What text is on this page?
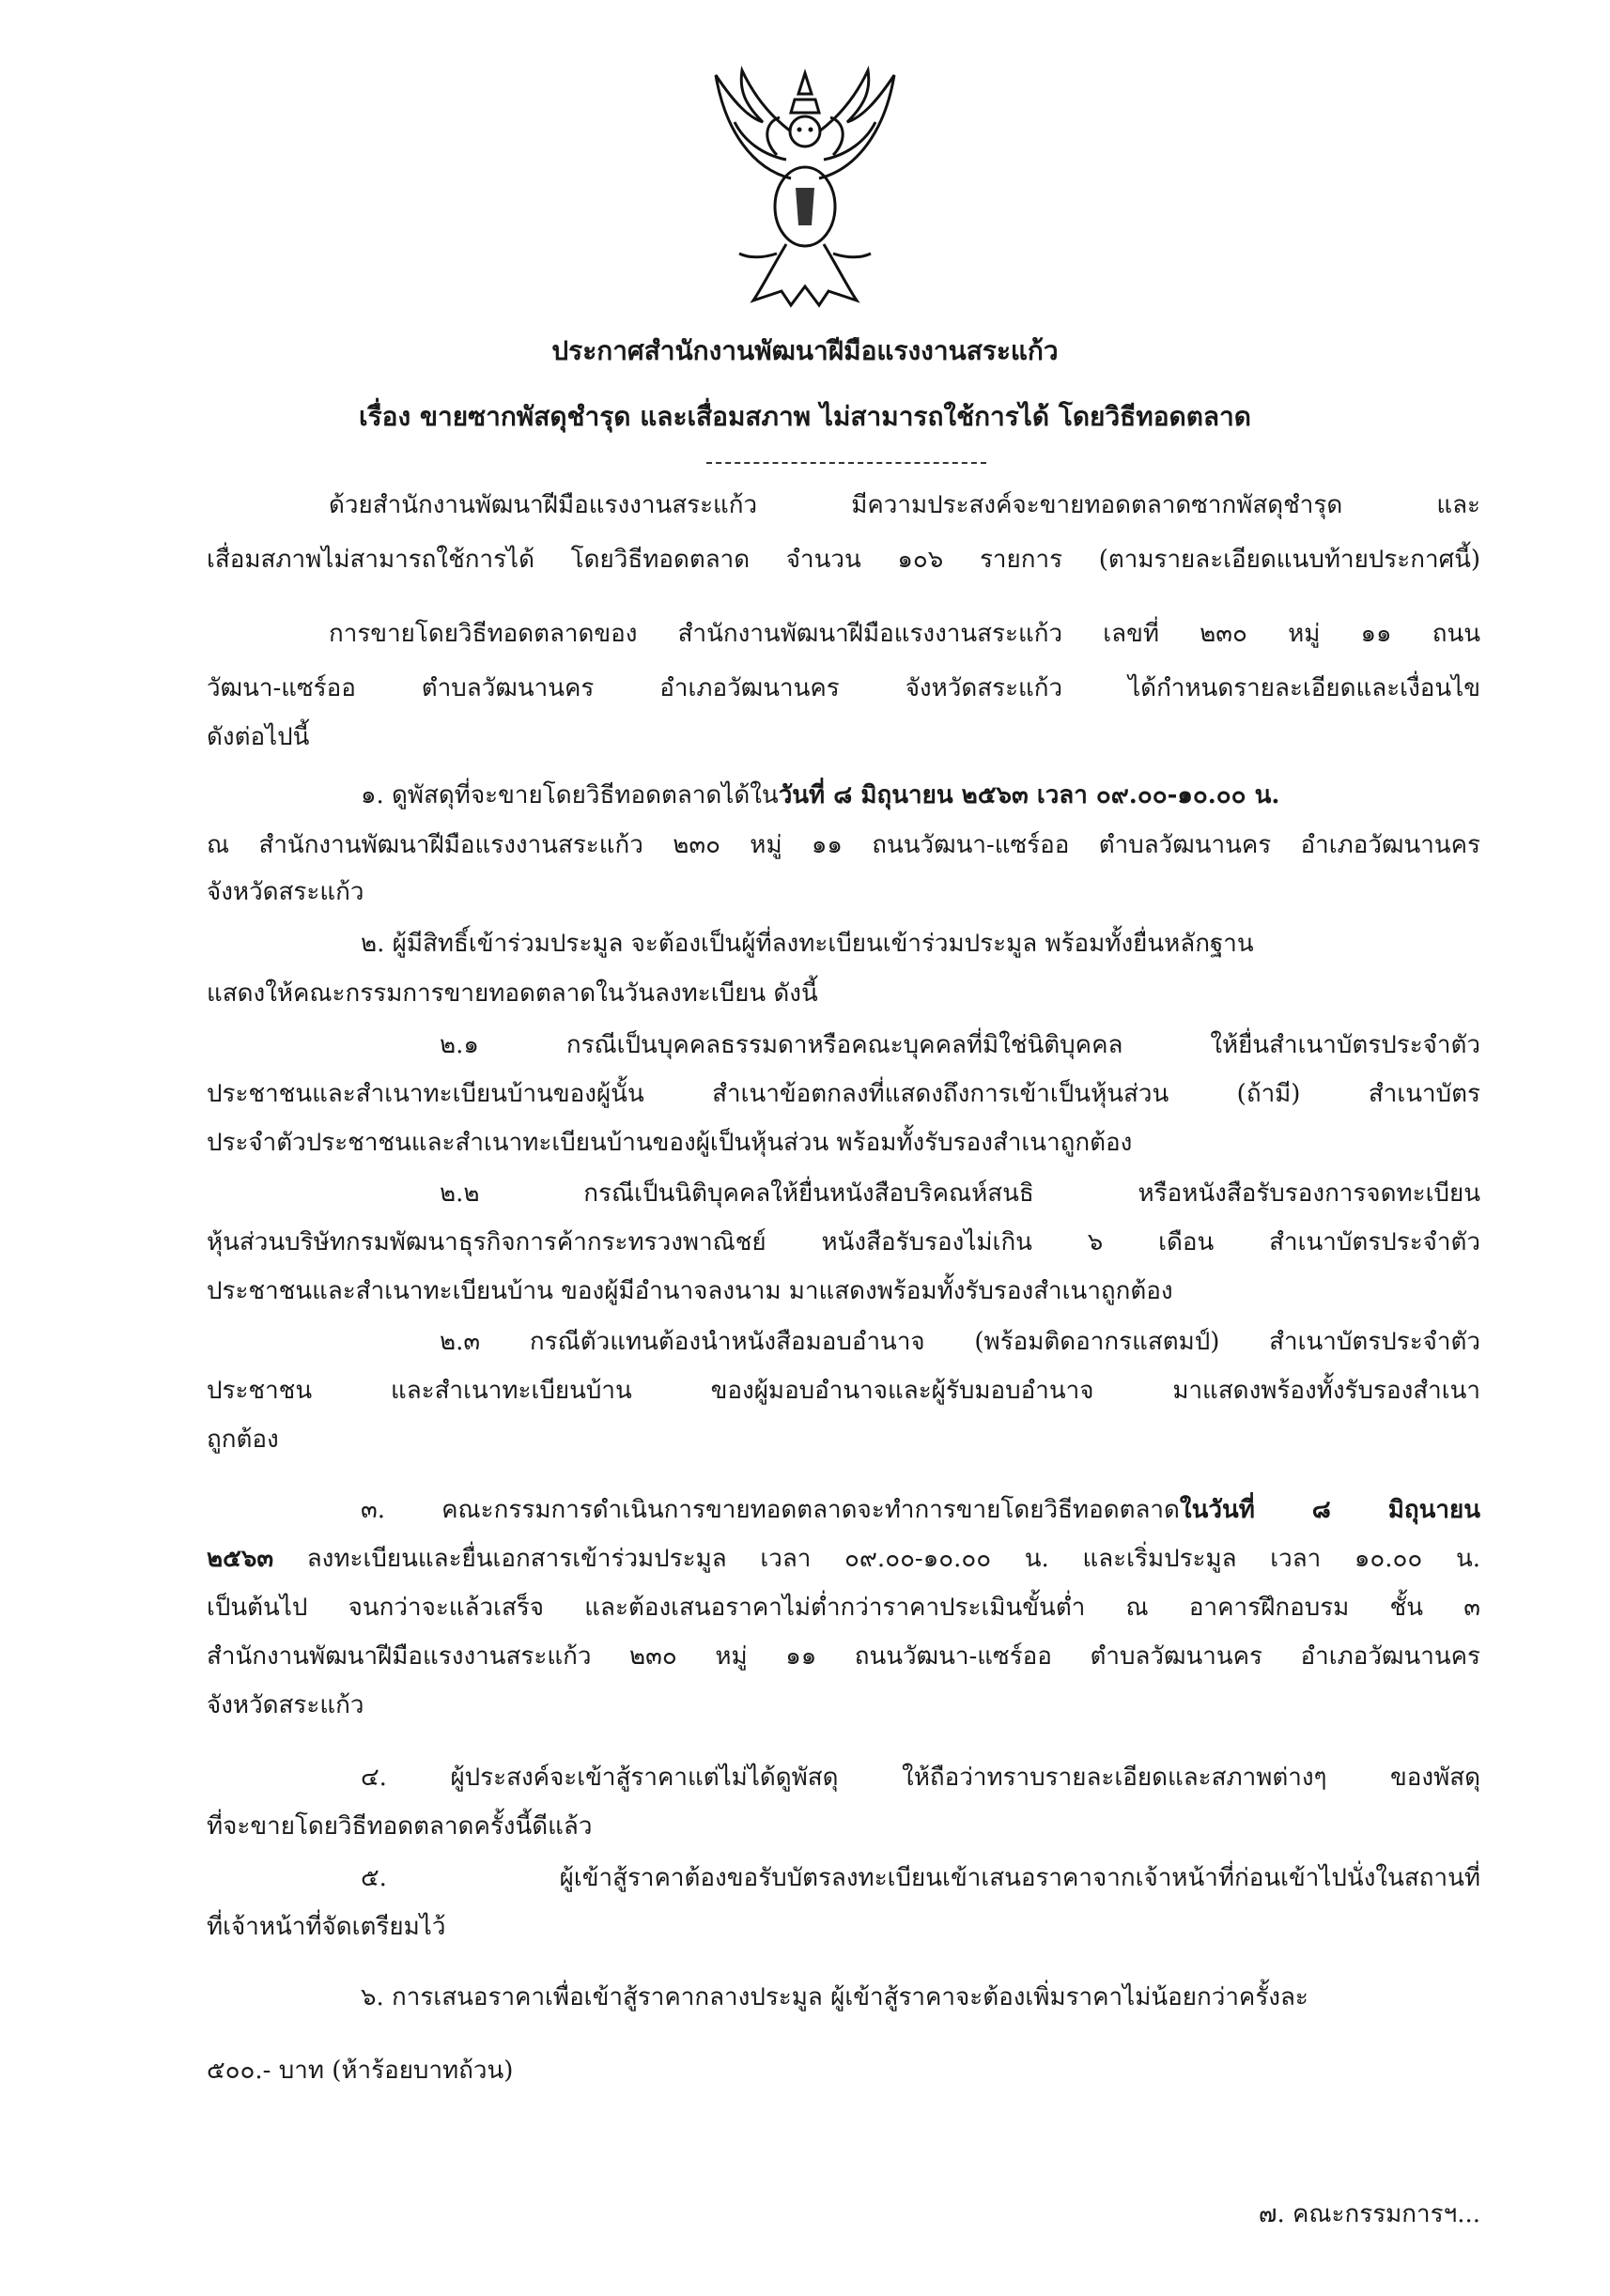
ประกาศสำนักงานพัฒนาฝีมือแรงงานสระแก้ว
เรื่อง ขายซากพัสดุชำรุด และเสื่อมสภาพ ไม่สามารถใช้การได้ โดยวิธีทอดตลาด
ด้วยสำนักงานพัฒนาฝีมือแรงงานสระแก้ว มีความประสงค์จะขายทอดตลาดซากพัสดุชำรุด และ
เสื่อมสภาพไม่สามารถใช้การได้ โดยวิธีทอดตลาด จำนวน ๑๐๖ รายการ (ตามรายละเอียดแนบท้ายประกาศนี้)
การขายโดยวิธีทอดตลาดของ สำนักงานพัฒนาฝีมือแรงงานสระแก้ว เลขที่ ๒๓๐ หมู่ ๑๑ ถนน
วัฒนา-แซร์ออ ตำบลวัฒนานคร อำเภอวัฒนานคร จังหวัดสระแก้ว ได้กำหนดรายละเอียดและเงื่อนไข
ดังต่อไปนี้
๑. ดูพัสดุที่จะขายโดยวิธีทอดตลาดได้ในวันที่ ๘ มิถุนายน ๒๕๖๓ เวลา ๐๙.๐๐-๑๐.๐๐ น.
ณ สำนักงานพัฒนาฝีมือแรงงานสระแก้ว ๒๓๐ หมู่ ๑๑ ถนนวัฒนา-แซร์ออ ตำบลวัฒนานคร อำเภอวัฒนานคร
จังหวัดสระแก้ว
๒. ผู้มีสิทธิ์เข้าร่วมประมูล จะต้องเป็นผู้ที่ลงทะเบียนเข้าร่วมประมูล พร้อมทั้งยื่นหลักฐาน
แสดงให้คณะกรรมการขายทอดตลาดในวันลงทะเบียน ดังนี้
๒.๑ กรณีเป็นบุคคลธรรมดาหรือคณะบุคคลที่มิใช่นิติบุคคล ให้ยื่นสำเนาบัตรประจำตัว
ประชาชนและสำเนาทะเบียนบ้านของผู้นั้น สำเนาข้อตกลงที่แสดงถึงการเข้าเป็นหุ้นส่วน (ถ้ามี) สำเนาบัตร
ประจำตัวประชาชนและสำเนาทะเบียนบ้านของผู้เป็นหุ้นส่วน พร้อมทั้งรับรองสำเนาถูกต้อง
๒.๒ กรณีเป็นนิติบุคคลให้ยื่นหนังสือบริคณห์สนธิ หรือหนังสือรับรองการจดทะเบียน
หุ้นส่วนบริษัทกรมพัฒนาธุรกิจการค้ากระทรวงพาณิชย์ หนังสือรับรองไม่เกิน ๖ เดือน สำเนาบัตรประจำตัว
ประชาชนและสำเนาทะเบียนบ้าน ของผู้มีอำนาจลงนาม มาแสดงพร้อมทั้งรับรองสำเนาถูกต้อง
๒.๓ กรณีตัวแทนต้องนำหนังสือมอบอำนาจ (พร้อมติดอากรแสตมป์) สำเนาบัตรประจำตัว
ประชาชน และสำเนาทะเบียนบ้าน ของผู้มอบอำนาจและผู้รับมอบอำนาจ มาแสดงพร้องทั้งรับรองสำเนา
ถูกต้อง
๓. คณะกรรมการดำเนินการขายทอดตลาดจะทำการขายโดยวิธีทอดตลาดในวันที่ ๘ มิถุนายน
๒๕๖๓ ลงทะเบียนและยื่นเอกสารเข้าร่วมประมูล เวลา ๐๙.๐๐-๑๐.๐๐ น. และเริ่มประมูล เวลา ๑๐.๐๐ น.
เป็นต้นไป จนกว่าจะแล้วเสร็จ และต้องเสนอราคาไม่ต่ำกว่าราคาประเมินขั้นต่ำ ณ อาคารฝึกอบรม ชั้น ๓
สำนักงานพัฒนาฝีมือแรงงานสระแก้ว ๒๓๐ หมู่ ๑๑ ถนนวัฒนา-แซร์ออ ตำบลวัฒนานคร อำเภอวัฒนานคร
จังหวัดสระแก้ว
๔. ผู้ประสงค์จะเข้าสู้ราคาแต่ไม่ได้ดูพัสดุ ให้ถือว่าทราบรายละเอียดและสภาพต่างๆ ของพัสดุ
ที่จะขายโดยวิธีทอดตลาดครั้งนี้ดีแล้ว
๕. ผู้เข้าสู้ราคาต้องขอรับบัตรลงทะเบียนเข้าเสนอราคาจากเจ้าหน้าที่ก่อนเข้าไปนั่งในสถานที่
ที่เจ้าหน้าที่จัดเตรียมไว้
๖. การเสนอราคาเพื่อเข้าสู้ราคากลางประมูล ผู้เข้าสู้ราคาจะต้องเพิ่มราคาไม่น้อยกว่าครั้งละ
๕๐๐.- บาท (ห้าร้อยบาทถ้วน)
๗. คณะกรรมการฯ...
